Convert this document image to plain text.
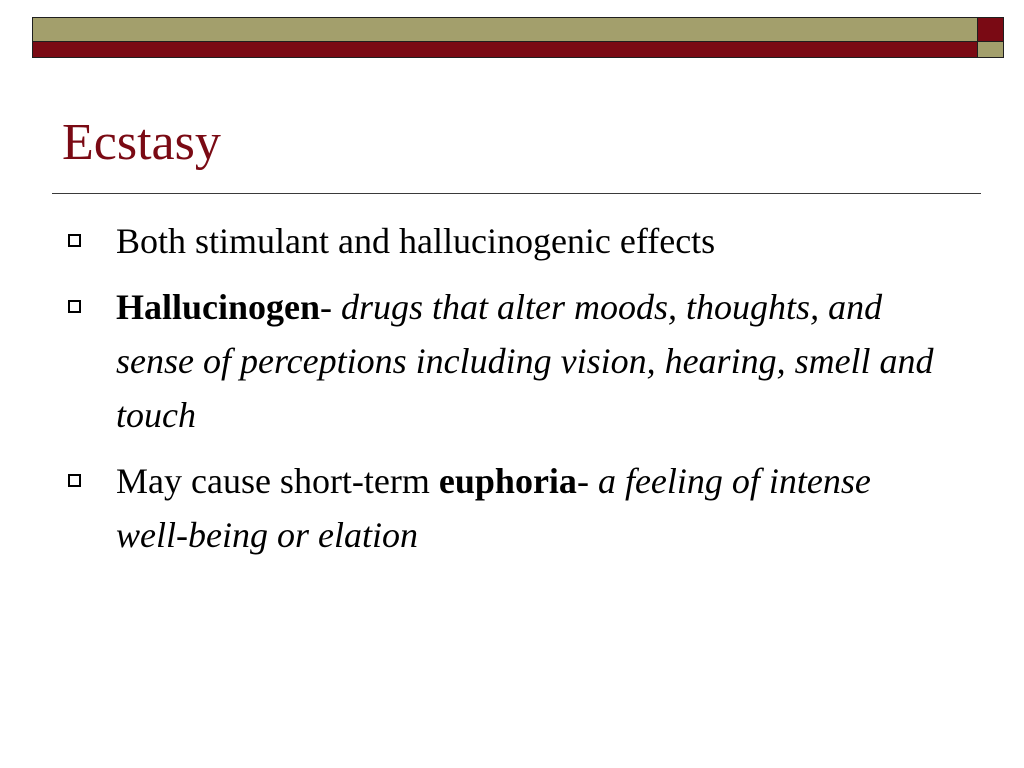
Ecstasy
Both stimulant and hallucinogenic effects
Hallucinogen- drugs that alter moods, thoughts, and sense of perceptions including vision, hearing, smell and touch
May cause short-term euphoria- a feeling of intense well-being or elation
